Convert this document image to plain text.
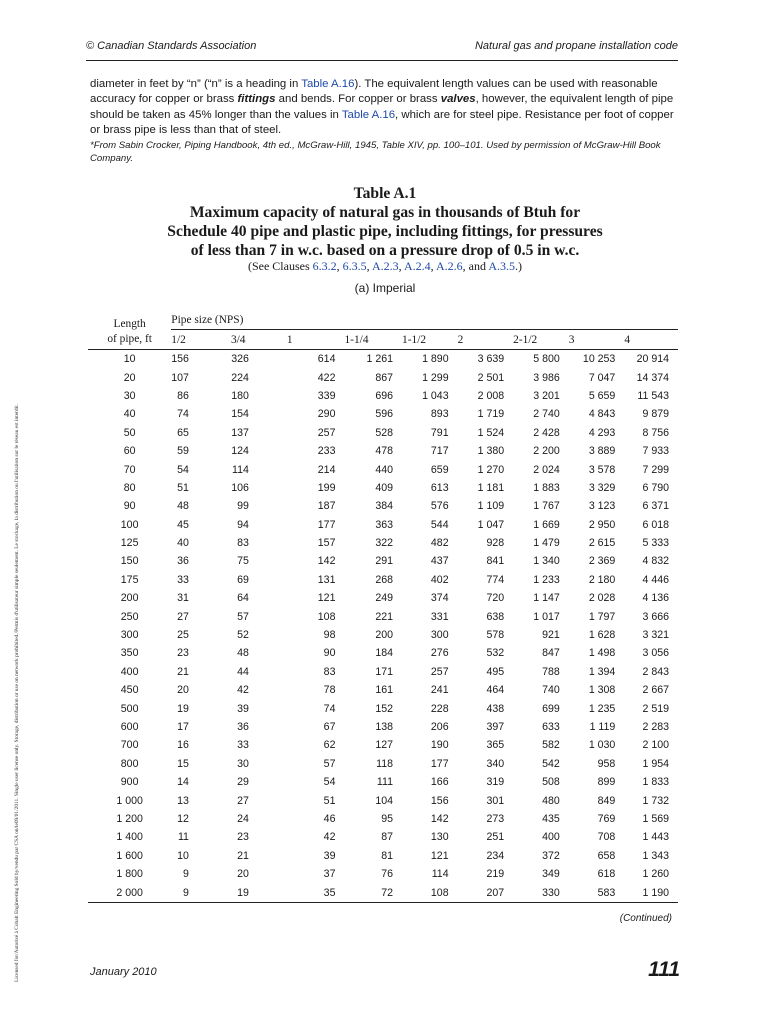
© Canadian Standards Association	Natural gas and propane installation code
Licensed for/Autorisé à Cobalt Engineering Sold by/vendu par CSA on/le09/01/2011. Single user license only. Storage, distribution or use on network prohibited./Permis d'utilisateur simple seulement. Le stockage, la distribution ou l'utilisation sur le réseau est interdit.

diameter in feet by “n” (“n” is a heading in Table A.16). The equivalent length values can be used with reasonable accuracy for copper or brass fittings and bends. For copper or brass valves, however, the equivalent length of pipe should be taken as 45% longer than the values in Table A.16, which are for steel pipe. Resistance per foot of copper or brass pipe is less than that of steel.

*From Sabin Crocker, Piping Handbook, 4th ed., McGraw-Hill, 1945, Table XIV, pp. 100–101. Used by permission of McGraw-Hill Book Company.

Table A.1
Maximum capacity of natural gas in thousands of Btuh for
Schedule 40 pipe and plastic pipe, including fittings, for pressures
of less than 7 in w.c. based on a pressure drop of 0.5 in w.c.
(See Clauses 6.3.2, 6.3.5, A.2.3, A.2.4, A.2.6, and A.3.5.)
(a) Imperial
Length
of pipe, ft	Pipe size (NPS)								
	1/2	3/4	1	1-1/4	1-1/2	2	2-1/2	3	4
10	156	326	614	1 261	1 890	3 639	5 800	10 253	20 914
20	107	224	422	867	1 299	2 501	3 986	7 047	14 374
30	86	180	339	696	1 043	2 008	3 201	5 659	11 543
40	74	154	290	596	893	1 719	2 740	4 843	9 879
50	65	137	257	528	791	1 524	2 428	4 293	8 756
60	59	124	233	478	717	1 380	2 200	3 889	7 933
70	54	114	214	440	659	1 270	2 024	3 578	7 299
80	51	106	199	409	613	1 181	1 883	3 329	6 790
90	48	99	187	384	576	1 109	1 767	3 123	6 371
100	45	94	177	363	544	1 047	1 669	2 950	6 018
125	40	83	157	322	482	928	1 479	2 615	5 333
150	36	75	142	291	437	841	1 340	2 369	4 832
175	33	69	131	268	402	774	1 233	2 180	4 446
200	31	64	121	249	374	720	1 147	2 028	4 136
250	27	57	108	221	331	638	1 017	1 797	3 666
300	25	52	98	200	300	578	921	1 628	3 321
350	23	48	90	184	276	532	847	1 498	3 056
400	21	44	83	171	257	495	788	1 394	2 843
450	20	42	78	161	241	464	740	1 308	2 667
500	19	39	74	152	228	438	699	1 235	2 519
600	17	36	67	138	206	397	633	1 119	2 283
700	16	33	62	127	190	365	582	1 030	2 100
800	15	30	57	118	177	340	542	958	1 954
900	14	29	54	111	166	319	508	899	1 833
1 000	13	27	51	104	156	301	480	849	1 732
1 200	12	24	46	95	142	273	435	769	1 569
1 400	11	23	42	87	130	251	400	708	1 443
1 600	10	21	39	81	121	234	372	658	1 343
1 800	9	20	37	76	114	219	349	618	1 260
2 000	9	19	35	72	108	207	330	583	1 190
(Continued)
January 2010	111
